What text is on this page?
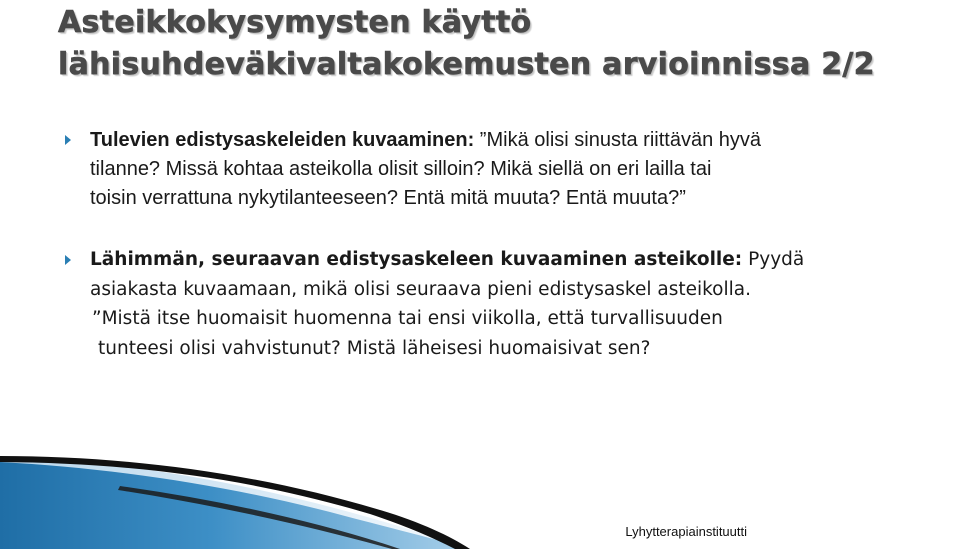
Asteikkokysymysten käyttö
lähisuhdeväkivaltakokemusten arvioinnissa 2/2
Tulevien edistysaskeleiden kuvaaminen: ”Mikä olisi sinusta riittävän hyvä
tilanne? Missä kohtaa asteikolla olisit silloin? Mikä siellä on eri lailla tai
toisin verrattuna nykytilanteeseen? Entä mitä muuta? Entä muuta?”
Lähimmän, seuraavan edistysaskeleen kuvaaminen asteikolle: Pyydä
asiakasta kuvaamaan, mikä olisi seuraava pieni edistysaskel asteikolla.
”Mistä itse huomaisit huomenna tai ensi viikolla, että turvallisuuden
tunteesi olisi vahvistunut? Mistä läheisesi huomaisivat sen?
Lyhytterapiainstituutti
